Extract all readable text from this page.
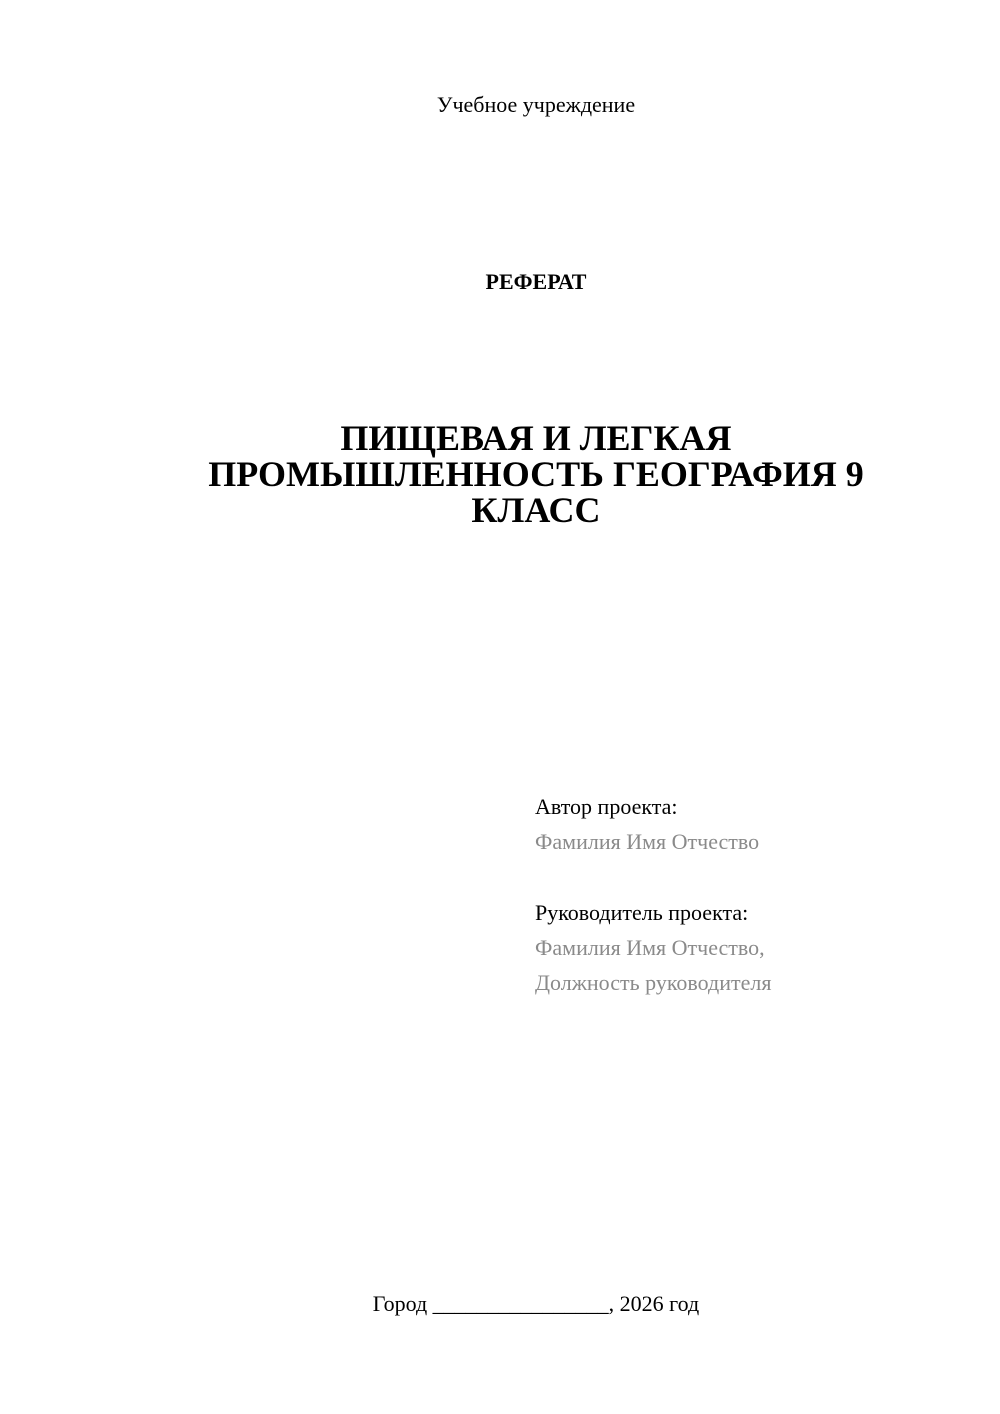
Учебное учреждение
РЕФЕРАТ
ПИЩЕВАЯ И ЛЕГКАЯ
ПРОМЫШЛЕННОСТЬ ГЕОГРАФИЯ 9
КЛАСС
Автор проекта:
Фамилия Имя Отчество
Руководитель проекта:
Фамилия Имя Отчество,
Должность руководителя
Город ________________, 2026 год
